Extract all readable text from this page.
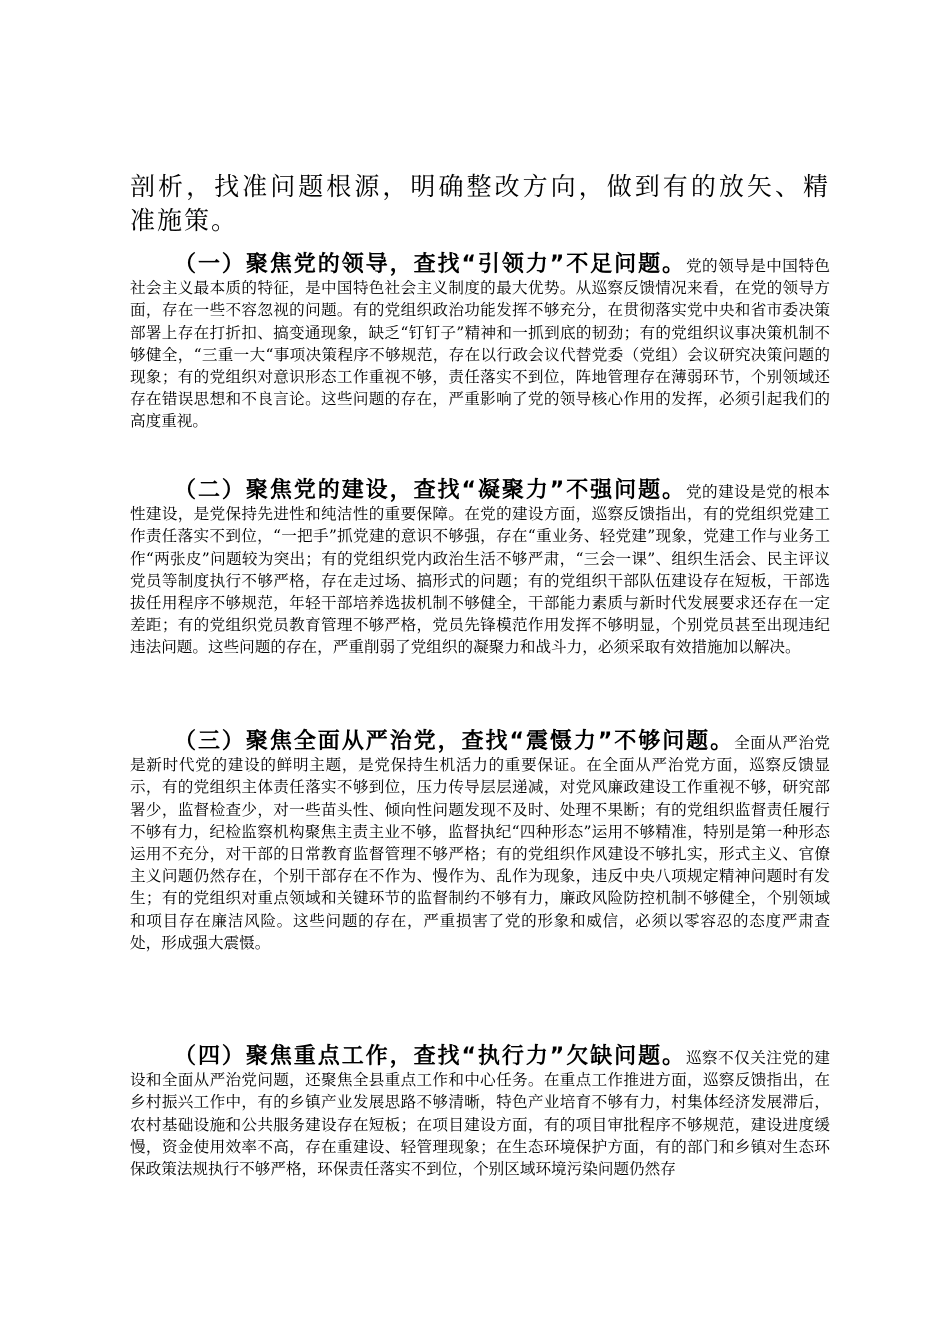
剖析，找准问题根源，明确整改方向，做到有的放矢、精准施策。

（一）聚焦党的领导，查找“引领力”不足问题。党的领导是中国特色社会主义最本质的特征，是中国特色社会主义制度的最大优势。从巡察反馈情况来看，在党的领导方面，存在一些不容忽视的问题。有的党组织政治功能发挥不够充分，在贯彻落实党中央和省市委决策部署上存在打折扣、搞变通现象，缺乏“钉钉子”精神和一抓到底的韧劲；有的党组织议事决策机制不够健全，“三重一大“事项决策程序不够规范，存在以行政会议代替党委（党组）会议研究决策问题的现象；有的党组织对意识形态工作重视不够，责任落实不到位，阵地管理存在薄弱环节，个别领域还存在错误思想和不良言论。这些问题的存在，严重影响了党的领导核心作用的发挥，必须引起我们的高度重视。

（二）聚焦党的建设，查找“凝聚力”不强问题。党的建设是党的根本性建设，是党保持先进性和纯洁性的重要保障。在党的建设方面，巡察反馈指出，有的党组织党建工作责任落实不到位，“一把手”抓党建的意识不够强，存在“重业务、轻党建”现象，党建工作与业务工作“两张皮”问题较为突出；有的党组织党内政治生活不够严肃，“三会一课”、组织生活会、民主评议党员等制度执行不够严格，存在走过场、搞形式的问题；有的党组织干部队伍建设存在短板，干部选拔任用程序不够规范，年轻干部培养选拔机制不够健全，干部能力素质与新时代发展要求还存在一定差距；有的党组织党员教育管理不够严格，党员先锋模范作用发挥不够明显，个别党员甚至出现违纪违法问题。这些问题的存在，严重削弱了党组织的凝聚力和战斗力，必须采取有效措施加以解决。

（三）聚焦全面从严治党，查找“震慑力”不够问题。全面从严治党是新时代党的建设的鲜明主题，是党保持生机活力的重要保证。在全面从严治党方面，巡察反馈显示，有的党组织主体责任落实不够到位，压力传导层层递减，对党风廉政建设工作重视不够，研究部署少，监督检查少，对一些苗头性、倾向性问题发现不及时、处理不果断；有的党组织监督责任履行不够有力，纪检监察机构聚焦主责主业不够，监督执纪“四种形态”运用不够精准，特别是第一种形态运用不充分，对干部的日常教育监督管理不够严格；有的党组织作风建设不够扎实，形式主义、官僚主义问题仍然存在，个别干部存在不作为、慢作为、乱作为现象，违反中央八项规定精神问题时有发生；有的党组织对重点领域和关键环节的监督制约不够有力，廉政风险防控机制不够健全，个别领域和项目存在廉洁风险。这些问题的存在，严重损害了党的形象和威信，必须以零容忍的态度严肃查处，形成强大震慑。

（四）聚焦重点工作，查找“执行力”欠缺问题。巡察不仅关注党的建设和全面从严治党问题，还聚焦全县重点工作和中心任务。在重点工作推进方面，巡察反馈指出，在乡村振兴工作中，有的乡镇产业发展思路不够清晰，特色产业培育不够有力，村集体经济发展滞后，农村基础设施和公共服务建设存在短板；在项目建设方面，有的项目审批程序不够规范，建设进度缓慢，资金使用效率不高，存在重建设、轻管理现象；在生态环境保护方面，有的部门和乡镇对生态环保政策法规执行不够严格，环保责任落实不到位，个别区域环境污染问题仍然存
